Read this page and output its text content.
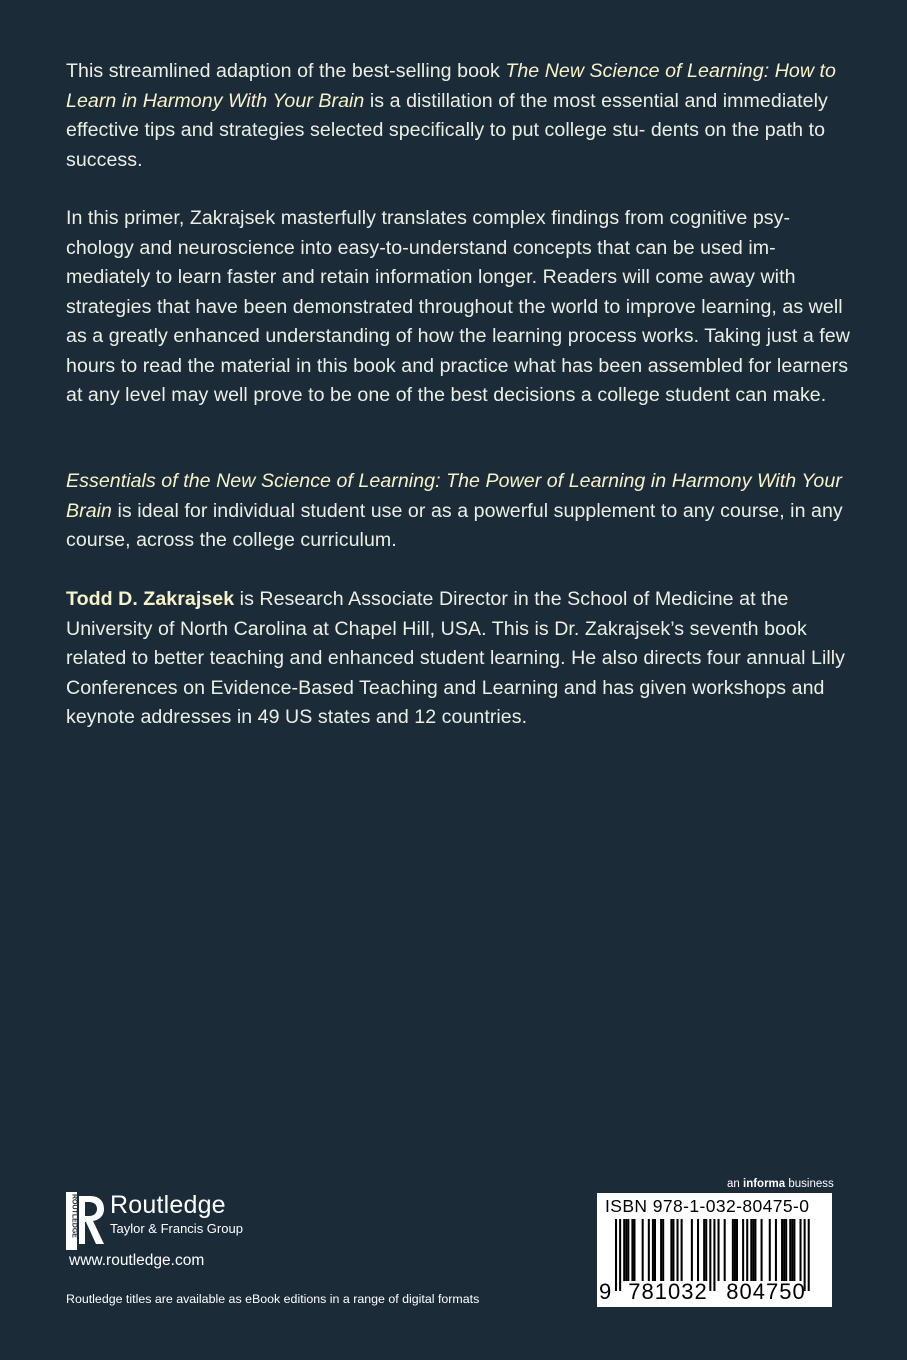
This streamlined adaption of the best-selling book The New Science of Learning: How to Learn in Harmony With Your Brain is a distillation of the most essential and immediately effective tips and strategies selected specifically to put college stu- dents on the path to success.

In this primer, Zakrajsek masterfully translates complex findings from cognitive psy- chology and neuroscience into easy-to-understand concepts that can be used im- mediately to learn faster and retain information longer. Readers will come away with strategies that have been demonstrated throughout the world to improve learning, as well as a greatly enhanced understanding of how the learning process works. Taking just a few hours to read the material in this book and practice what has been assembled for learners at any level may well prove to be one of the best decisions a college student can make.

Essentials of the New Science of Learning: The Power of Learning in Harmony With Your Brain is ideal for individual student use or as a powerful supplement to any course, in any course, across the college curriculum.

Todd D. Zakrajsek is Research Associate Director in the School of Medicine at the University of North Carolina at Chapel Hill, USA. This is Dr. Zakrajsek’s seventh book related to better teaching and enhanced student learning. He also directs four annual Lilly Conferences on Evidence-Based Teaching and Learning and has given workshops and keynote addresses in 49 US states and 12 countries.

ROUTLEDGE Routledge
Taylor & Francis Group
www.routledge.com
Routledge titles are available as eBook editions in a range of digital formats
an informa business
ISBN 978-1-032-80475-0
9 781032 804750
